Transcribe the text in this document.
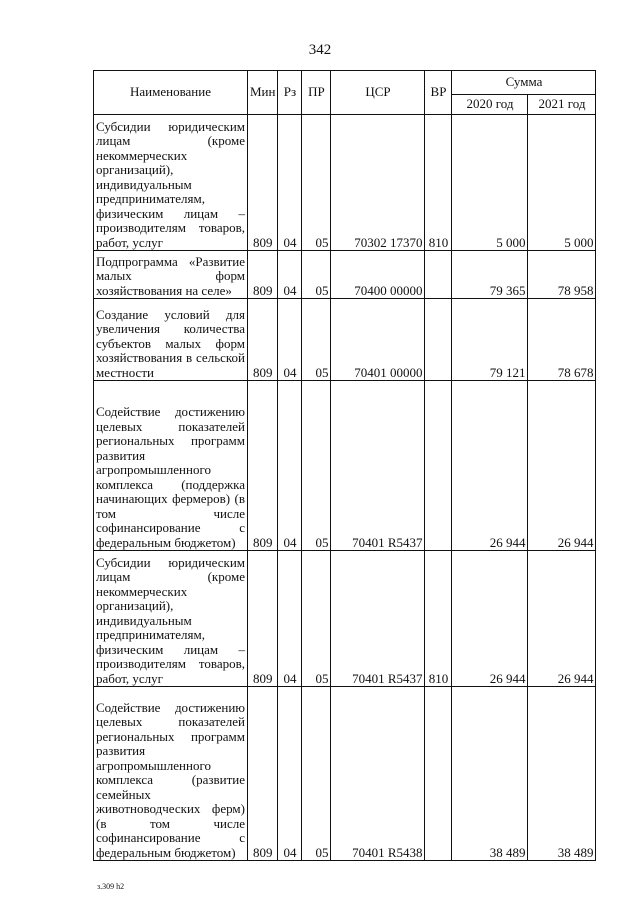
342
Наименование	Мин	Рз	ПР	ЦСР	ВР	Сумма	
						2020 год	2021 год
Субсидии юридическим лицам (кроме некоммерческих организаций), индивидуальным предпринимателям, физическим лицам – производителям товаров, работ, услуг	809	04	05	70302 17370	810	5 000	5 000
Подпрограмма «Развитие малых форм хозяйствования на селе»	809	04	05	70400 00000		79 365	78 958
Создание условий для увеличения количества субъектов малых форм хозяйствования в сельской местности	809	04	05	70401 00000		79 121	78 678
Содействие достижению целевых показателей региональных программ развития агропромышленного комплекса (поддержка начинающих фермеров) (в том числе софинансирование с федеральным бюджетом)	809	04	05	70401 R5437		26 944	26 944
Субсидии юридическим лицам (кроме некоммерческих организаций), индивидуальным предпринимателям, физическим лицам – производителям товаров, работ, услуг	809	04	05	70401 R5437	810	26 944	26 944
Содействие достижению целевых показателей региональных программ развития агропромышленного комплекса (развитие семейных животноводческих ферм) (в том числе софинансирование с федеральным бюджетом)	809	04	05	70401 R5438		38 489	38 489
з.309 h2
